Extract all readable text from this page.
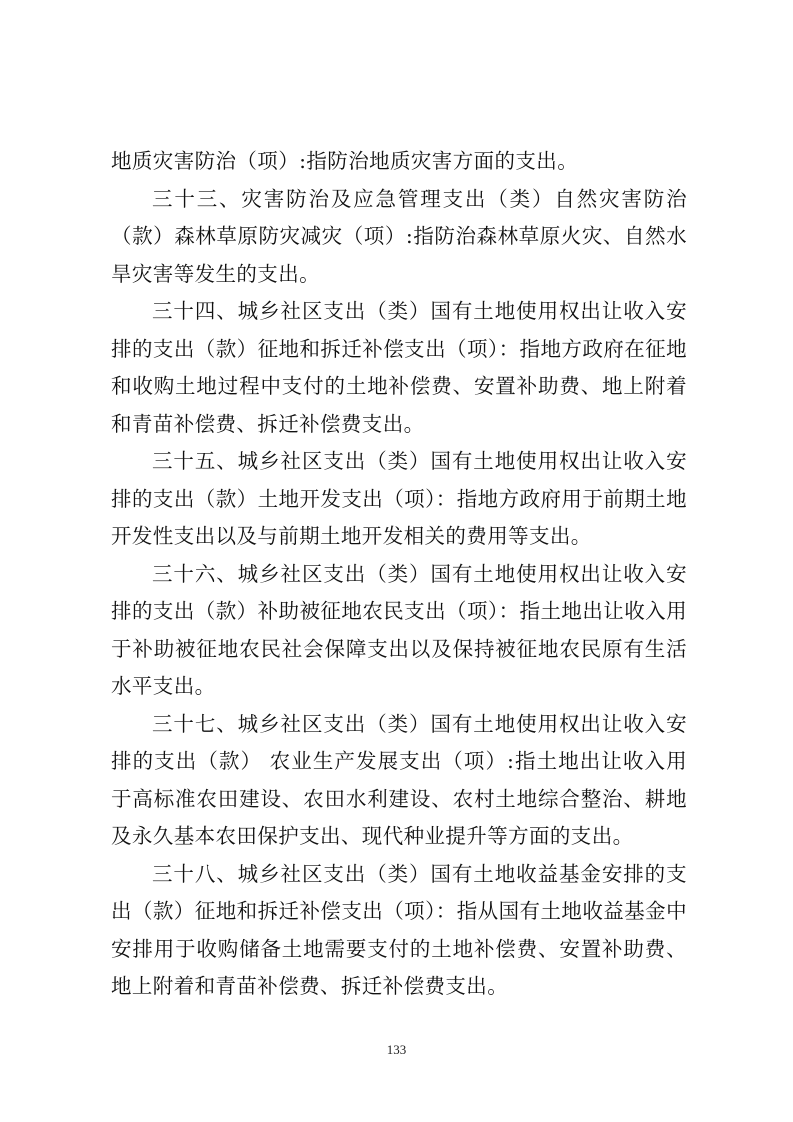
地质灾害防治（项）:指防治地质灾害方面的支出。

三十三、灾害防治及应急管理支出（类）自然灾害防治（款）森林草原防灾减灾（项）:指防治森林草原火灾、自然水旱灾害等发生的支出。

三十四、城乡社区支出（类）国有土地使用权出让收入安排的支出（款）征地和拆迁补偿支出（项）：指地方政府在征地和收购土地过程中支付的土地补偿费、安置补助费、地上附着和青苗补偿费、拆迁补偿费支出。

三十五、城乡社区支出（类）国有土地使用权出让收入安排的支出（款）土地开发支出（项）：指地方政府用于前期土地开发性支出以及与前期土地开发相关的费用等支出。

三十六、城乡社区支出（类）国有土地使用权出让收入安排的支出（款）补助被征地农民支出（项）：指土地出让收入用于补助被征地农民社会保障支出以及保持被征地农民原有生活水平支出。

三十七、城乡社区支出（类）国有土地使用权出让收入安排的支出（款） 农业生产发展支出（项）:指土地出让收入用于高标准农田建设、农田水利建设、农村土地综合整治、耕地及永久基本农田保护支出、现代种业提升等方面的支出。

三十八、城乡社区支出（类）国有土地收益基金安排的支出（款）征地和拆迁补偿支出（项）：指从国有土地收益基金中安排用于收购储备土地需要支付的土地补偿费、安置补助费、地上附着和青苗补偿费、拆迁补偿费支出。

133
